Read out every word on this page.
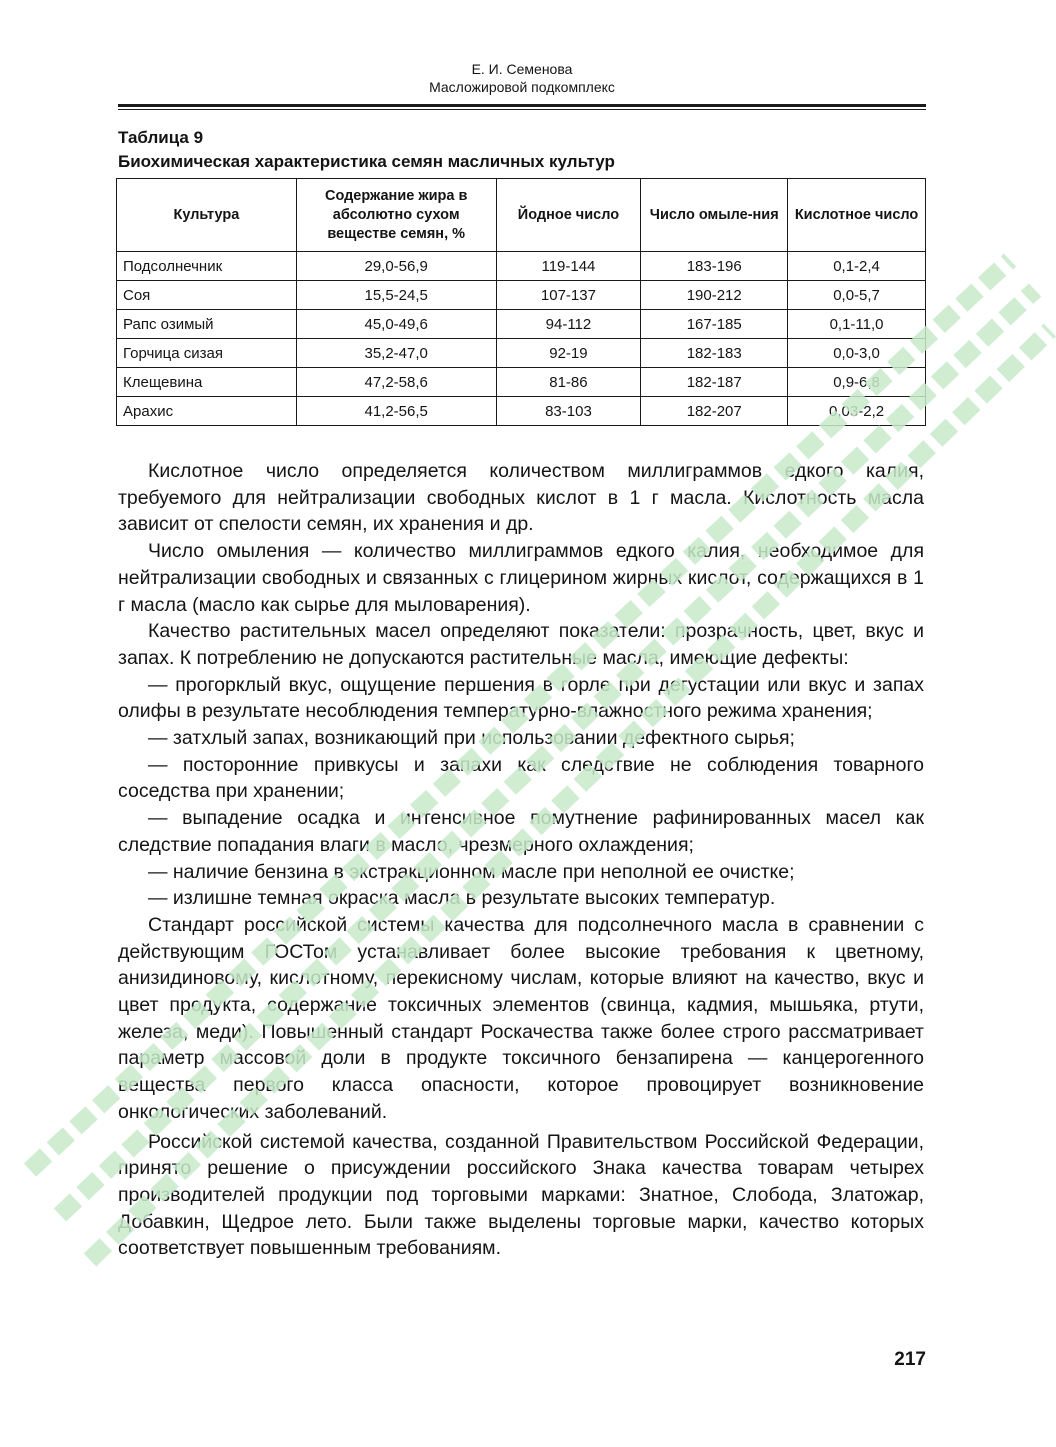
Е. И. Семенова
Масложировой подкомплекс
Таблица 9
Биохимическая характеристика семян масличных культур
Культура	Содержание жира в абсолютно сухом веществе семян, %	Йодное число	Число омыле-ния	Кислотное число
Подсолнечник	29,0-56,9	119-144	183-196	0,1-2,4
Соя	15,5-24,5	107-137	190-212	0,0-5,7
Рапс озимый	45,0-49,6	94-112	167-185	0,1-11,0
Горчица сизая	35,2-47,0	92-19	182-183	0,0-3,0
Клещевина	47,2-58,6	81-86	182-187	0,9-6,8
Арахис	41,2-56,5	83-103	182-207	0,03-2,2

Кислотное число определяется количеством миллиграммов едкого калия, требуемого для нейтрализации свободных кислот в 1 г масла. Кислотность масла зависит от спелости семян, их хранения и др.

Число омыления — количество миллиграммов едкого калия, необходимое для нейтрализации свободных и связанных с глицерином жирных кислот, содержащихся в 1 г масла (масло как сырье для мыловарения).

Качество растительных масел определяют показатели: прозрачность, цвет, вкус и запах. К потреблению не допускаются растительные масла, имеющие дефекты:

— прогорклый вкус, ощущение першения в горле при дегустации или вкус и запах олифы в результате несоблюдения температурно-влажностного режима хранения;

— затхлый запах, возникающий при использовании дефектного сырья;

— посторонние привкусы и запахи как следствие не соблюдения товарного соседства при хранении;

— выпадение осадка и интенсивное помутнение рафинированных масел как следствие попадания влаги в масло, чрезмерного охлаждения;

— наличие бензина в экстракционном масле при неполной ее очистке;

— излишне темная окраска масла в результате высоких температур.

Стандарт российской системы качества для подсолнечного масла в сравнении с действующим ГОСТом устанавливает более высокие требования к цветному, анизидиновому, кислотному, перекисному числам, которые влияют на качество, вкус и цвет продукта, содержание токсичных элементов (свинца, кадмия, мышьяка, ртути, железа, меди). Повышенный стандарт Роскачества также более строго рассматривает параметр массовой доли в продукте токсичного бензапирена — канцерогенного вещества первого класса опасности, которое провоцирует возникновение онкологических заболеваний.

Российской системой качества, созданной Правительством Российской Федерации, принято решение о присуждении российского Знака качества товарам четырех производителей продукции под торговыми марками: Знатное, Слобода, Златожар, Добавкин, Щедрое лето. Были также выделены торговые марки, качество которых соответствует повышенным требованиям.

217
